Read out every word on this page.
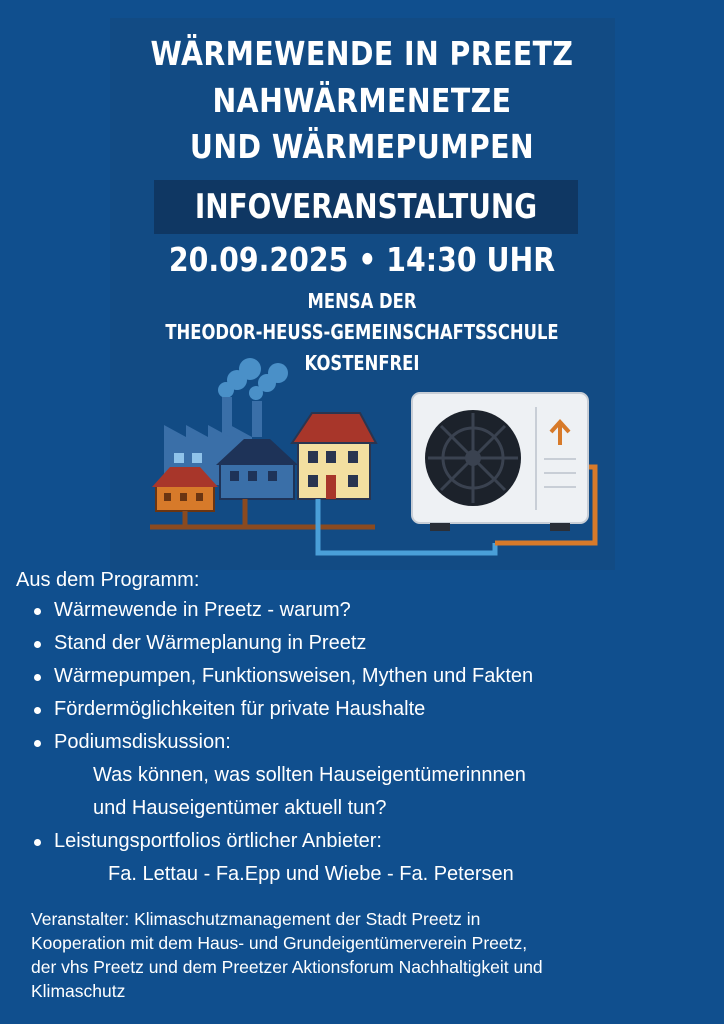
WÄRMEWENDE IN PREETZ
NAHWÄRMENETZE
UND WÄRMEPUMPEN
INFOVERANSTALTUNG
20.09.2025 • 14:30 UHR
MENSA DER
THEODOR-HEUSS-GEMEINSCHAFTSSCHULE
KOSTENFREI
Aus dem Programm:
Wärmewende in Preetz - warum?
Stand der Wärmeplanung in Preetz
Wärmepumpen, Funktionsweisen, Mythen und Fakten
Fördermöglichkeiten für private Haushalte
Podiumsdiskussion:
Was können, was sollten Hauseigentümerinnnen
und Hauseigentümer aktuell tun?
Leistungsportfolios örtlicher Anbieter:
Fa. Lettau - Fa.Epp und Wiebe - Fa. Petersen
Veranstalter: Klimaschutzmanagement der Stadt Preetz in
Kooperation mit dem Haus- und Grundeigentümerverein Preetz,
der vhs Preetz und dem Preetzer Aktionsforum Nachhaltigkeit und
Klimaschutz
